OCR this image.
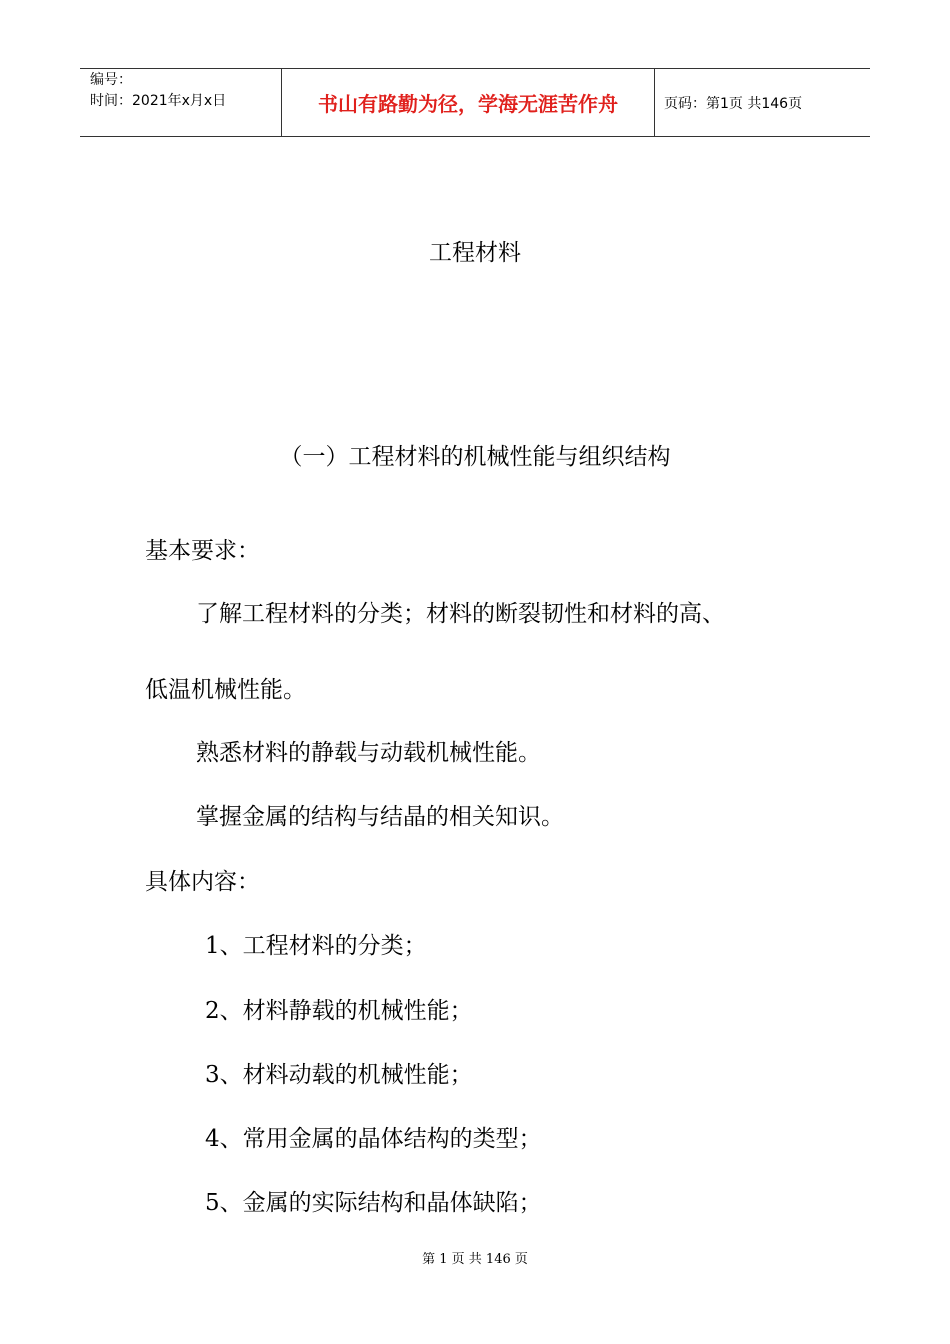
编号：
时间：2021年x月x日	书山有路勤为径，学海无涯苦作舟	页码：第1页 共146页
工程材料
（一）工程材料的机械性能与组织结构
基本要求：
了解工程材料的分类；材料的断裂韧性和材料的高、
低温机械性能。
熟悉材料的静载与动载机械性能。
掌握金属的结构与结晶的相关知识。
具体内容：
1、工程材料的分类；
2、材料静载的机械性能；
3、材料动载的机械性能；
4、常用金属的晶体结构的类型；
5、金属的实际结构和晶体缺陷；
第 1 页 共 146 页
